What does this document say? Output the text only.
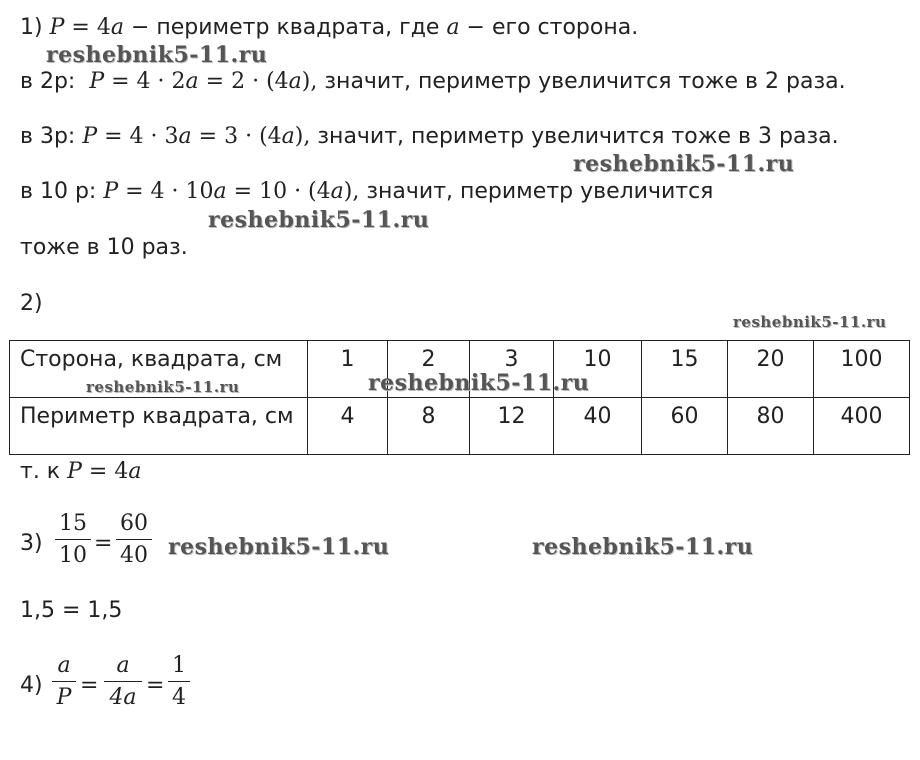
1) P = 4a − периметр квадрата, где a − его сторона.
в 2р:  P = 4 · 2a = 2 · (4a), значит, периметр увеличится тоже в 2 раза.
в 3р: P = 4 · 3a = 3 · (4a), значит, периметр увеличится тоже в 3 раза.
в 10 р: P = 4 · 10a = 10 · (4a), значит, периметр увеличится
тоже в 10 раз.
2)
Сторона, квадрата, см	1	2	3	10	15	20	100
Периметр квадрата, см	4	8	12	40	60	80	400
т. к P = 4a
3)
15
10 =
60
40
1,5 = 1,5
4)
a
P =
a
4a =
1
4
reshebnik5-11.ru
reshebnik5-11.ru
reshebnik5-11.ru
reshebnik5-11.ru
reshebnik5-11.ru	reshebnik5-11.ru
reshebnik5-11.ru	reshebnik5-11.ru
